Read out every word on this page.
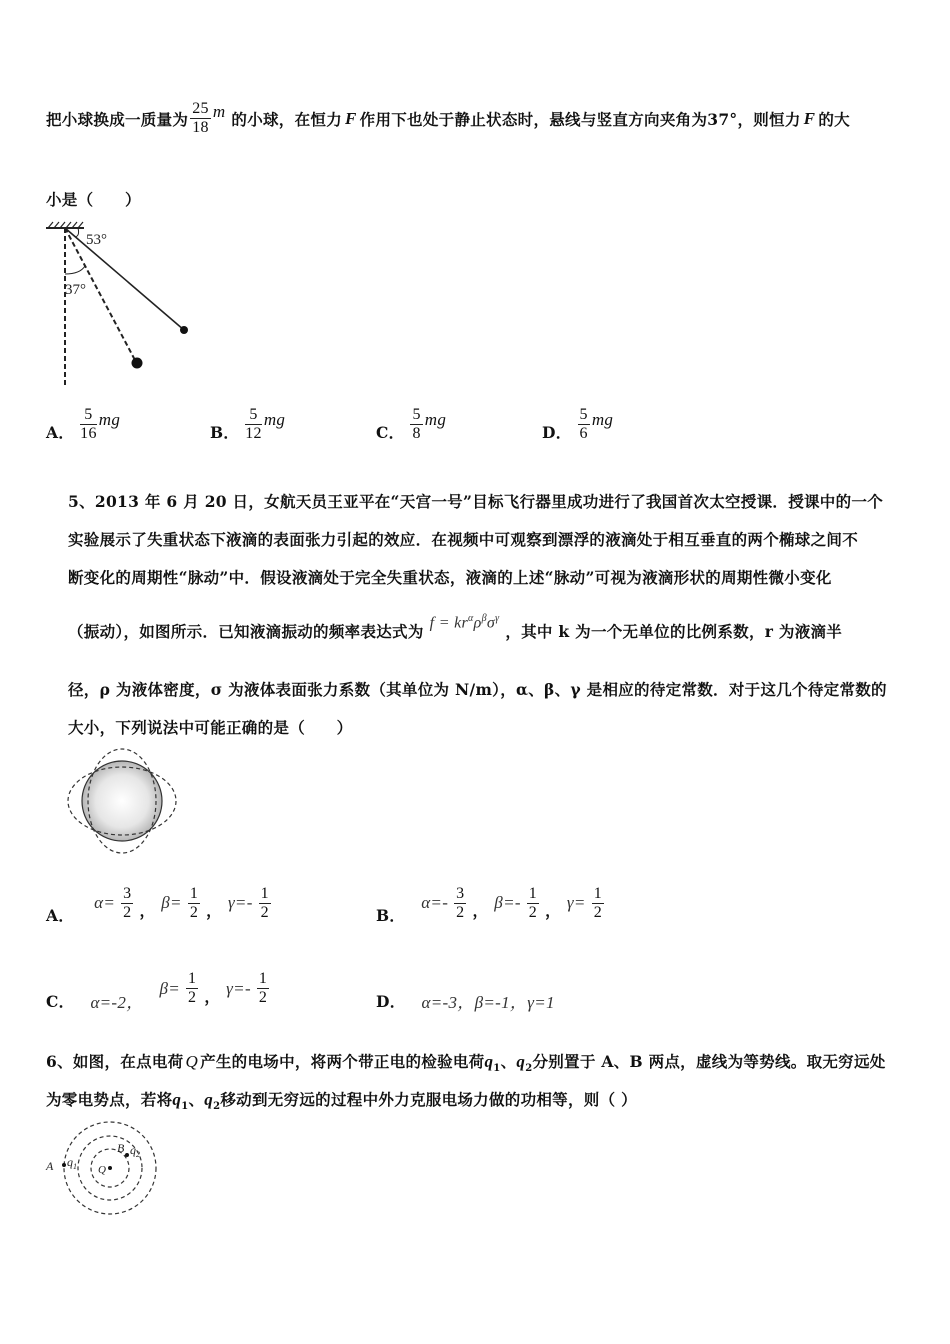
把小球换成一质量为 $\frac{25}{18}$ m 的小球，在恒力 F 作用下也处于静止状态时，悬线与竖直方向夹角为37°，则恒力 F 的大
小是（　　）
53°
37°
A． $\frac{5}{16}$ mg
B． $\frac{5}{12}$ mg
C． $\frac{5}{8}$ mg
D． $\frac{5}{6}$ mg
5、2013 年 6 月 20 日，女航天员王亚平在“天宫一号”目标飞行器里成功进行了我国首次太空授课．授课中的一个
实验展示了失重状态下液滴的表面张力引起的效应．在视频中可观察到漂浮的液滴处于相互垂直的两个椭球之间不
断变化的周期性“脉动”中．假设液滴处于完全失重状态，液滴的上述“脉动”可视为液滴形状的周期性微小变化
（振动），如图所示．已知液滴振动的频率表达式为 $f = kr^\alpha\rho^\beta\sigma^\gamma$
，其中 k 为一个无单位的比例系数，r 为液滴半
径，ρ 为液体密度，σ 为液体表面张力系数（其单位为 N/m），α、β、γ 是相应的待定常数．对于这几个待定常数的
大小，下列说法中可能正确的是（　　）
A．
$\alpha= \frac{3}{2}$ ， $\beta= \frac{1}{2}$ ， $\gamma=- \frac{1}{2}$	B．
$\alpha=- \frac{3}{2}$ ， $\beta=- \frac{1}{2}$ ， $\gamma= \frac{1}{2}$
C． α=-2，
$\beta= \frac{1}{2}$ ， $\gamma=- \frac{1}{2}$	D． α=-3，β=-1，γ=1
6、如图，在点电荷 Q 产生的电场中，将两个带正电的检验电荷$q_1$、$q_2$分别置于 A、B 两点，虚线为等势线。取无穷远处
为零电势点，若将$q_1$、$q_2$移动到无穷远的过程中外力克服电场力做的功相等，则（ ）
Q
A $q_1$
B $q_2$
